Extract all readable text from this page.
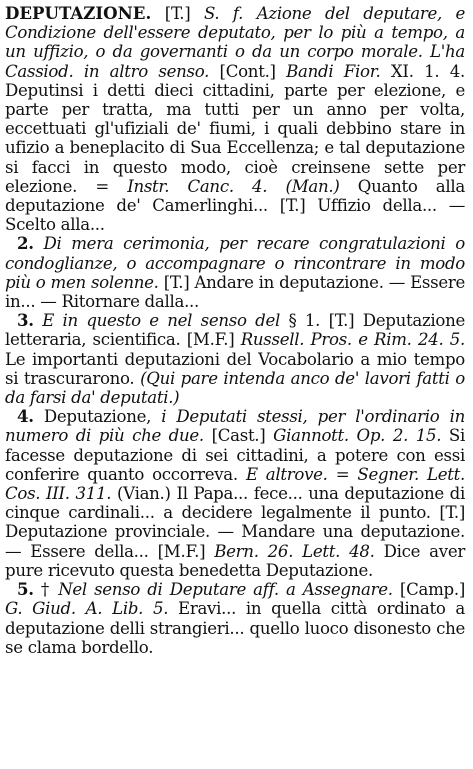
DEPUTAZIONE. [T.] S. f. Azione del deputare, e Condizione dell'essere deputato, per lo più a tempo, a un uffizio, o da governanti o da un corpo morale. L'ha Cassiod. in altro senso. [Cont.] Bandi Fior. XI. 1. 4. Deputinsi i detti dieci cittadini, parte per elezione, e parte per tratta, ma tutti per un anno per volta, eccettuati gl'ufiziali de' fiumi, i quali debbino stare in ufizio a beneplacito di Sua Eccellenza; e tal deputazione si facci in questo modo, cioè creinsene sette per elezione. = Instr. Canc. 4. (Man.) Quanto alla deputazione de' Camerlinghi... [T.] Uffizio della... — Scelto alla...

2. Di mera cerimonia, per recare congratulazioni o condoglianze, o accompagnare o rincontrare in modo più o men solenne. [T.] Andare in deputazione. — Essere in... — Ritornare dalla...

3. E in questo e nel senso del § 1. [T.] Deputazione letteraria, scientifica. [M.F.] Russell. Pros. e Rim. 24. 5. Le importanti deputazioni del Vocabolario a mio tempo si trascurarono. (Qui pare intenda anco de' lavori fatti o da farsi da' deputati.)

4. Deputazione, i Deputati stessi, per l'ordinario in numero di più che due. [Cast.] Giannott. Op. 2. 15. Si facesse deputazione di sei cittadini, a potere con essi conferire quanto occorreva. E altrove. = Segner. Lett. Cos. III. 311. (Vian.) Il Papa... fece... una deputazione di cinque cardinali... a decidere legalmente il punto. [T.] Deputazione provinciale. — Mandare una deputazione. — Essere della... [M.F.] Bern. 26. Lett. 48. Dice aver pure ricevuto questa benedetta Deputazione.

5. † Nel senso di Deputare aff. a Assegnare. [Camp.] G. Giud. A. Lib. 5. Eravi... in quella città ordinato a deputazione delli strangieri... quello luoco disonesto che se clama bordello.
